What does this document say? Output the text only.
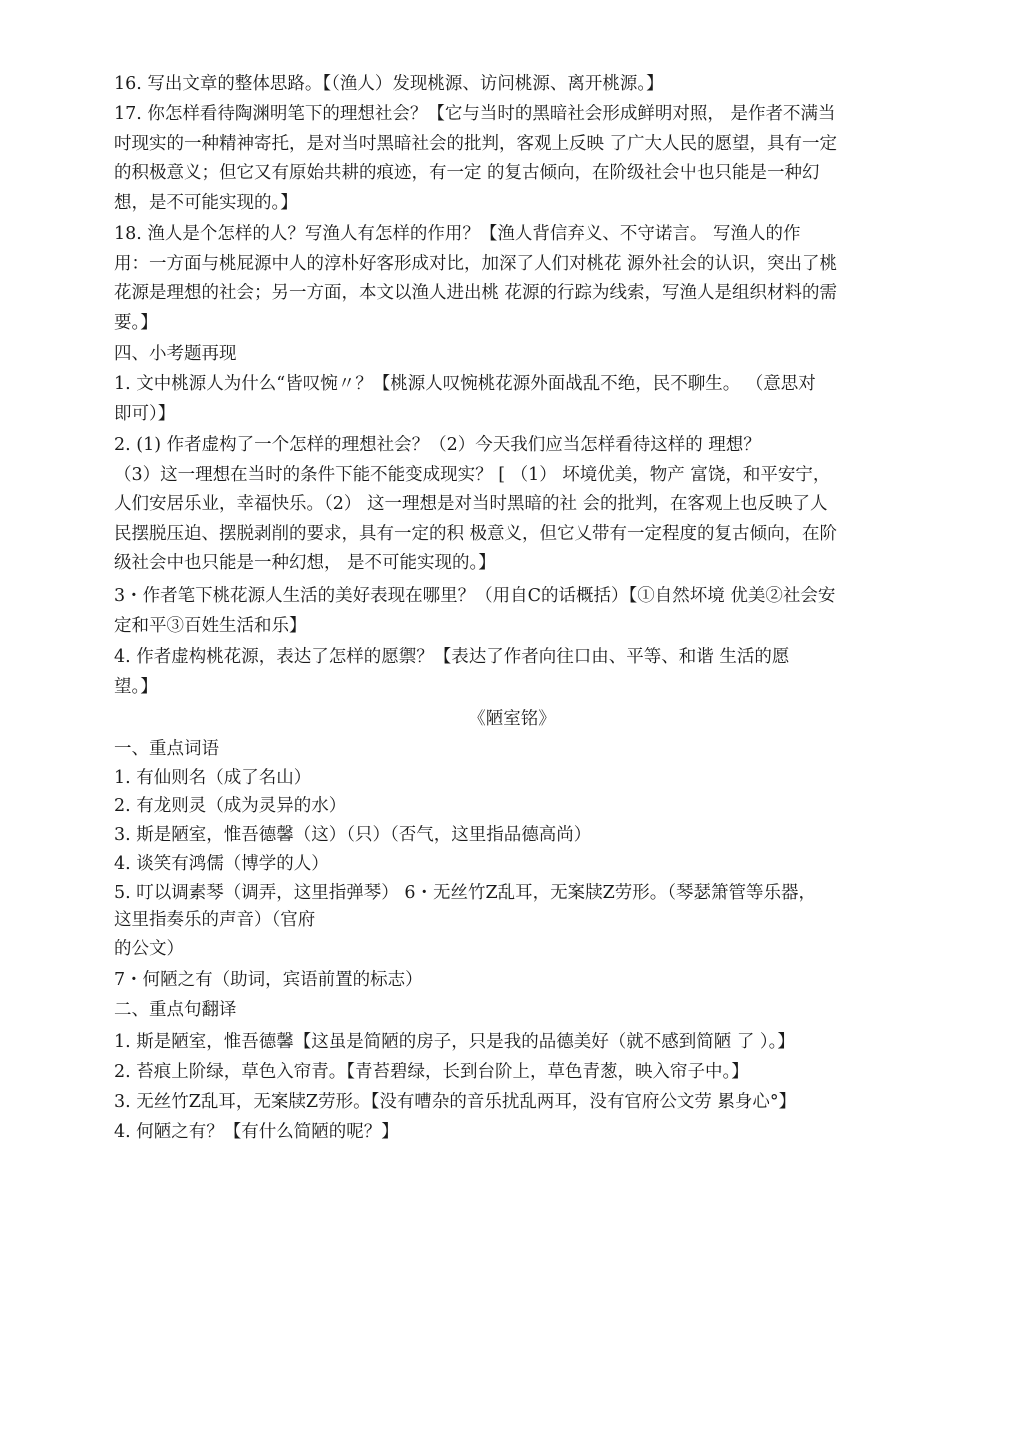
16. 写出文章的整体思路。【（渔人）发现桃源、访问桃源、离开桃源。】
17. 你怎样看待陶渊明笔下的理想社会？【它与当时的黑暗社会形成鲜明对照， 是作者不满当
吋现实的一种精神寄托，是对当吋黑暗社会的批判，客观上反映 了广大人民的愿望，具有一定
的积极意义；但它又有原始共耕的痕迹，有一定 的复古倾向，在阶级社会屮也只能是一种幻
想，是不可能实现的。】
18. 渔人是个怎样的人？写渔人有怎样的作用？【渔人背信弃义、不守诺言。 写渔人的作
用：一方面与桃屁源中人的淳朴好客形成对比，加深了人们对桃花 源外社会的认识，突出了桃
花源是理想的社会；另一方面，本文以渔人进出桃 花源的行踪为线索，写渔人是组织材料的需
要。】
四、小考题再现
1. 文中桃源人为什么“皆叹惋〃？【桃源人叹惋桃花源外面战乱不绝，民不聊生。 （意思对
即可）】
2. (1) 作者虚构了一个怎样的理想社会？（2）今天我们应当怎样看待这样的 理想？
（3）这一理想在当时的条件下能不能变成现实？ [ （1） 坏境优美，物产 富饶，和平安宁，
人们安居乐业，幸福快乐。（2） 这一理想是对当时黑暗的社 会的批判，在客观上也反映了人
民摆脱压迫、摆脱剥削的要求，具有一定的积 极意义，但它乂带有一定程度的复古倾向，在阶
级社会中也只能是一种幻想， 是不可能实现的。】
3・作者笔下桃花源人生活的美好表现在哪里？（用自C的话概括）【①自然坏境 优美②社会安
定和平③百姓生活和乐】
4. 作者虚构桃花源，表达了怎样的愿禦？【表达了作者向往口由、平等、和谐 生活的愿
望。】
《陋室铭》
一、重点词语
1. 有仙则名（成了名山）
2. 有龙则灵（成为灵异的水）
3. 斯是陋室，惟吾德馨（这）（只）（否气，这里指品德高尚）
4. 谈笑有鸿儒（博学的人）
5. 叮以调素琴（调弄，这里指弹琴） 6・无丝竹Z乱耳，无案牍Z劳形。（琴瑟箫管等乐器，
这里指奏乐的声音）（官府
的公文）
7・何陋之有（助词，宾语前置的标志）
二、重点句翻译
1. 斯是陋室，惟吾德馨【这虽是简陋的房子，只是我的品德美好（就不感到简陋 了 ）。】
2. 苔痕上阶绿，草色入帘青。【青苔碧绿，长到台阶上，草色青葱，映入帘子中。】
3. 无丝竹Z乱耳，无案牍Z劳形。【没有嘈杂的音乐扰乱两耳，没有官府公文劳 累身心°】
4. 何陋之有？【有什么简陋的呢？】
